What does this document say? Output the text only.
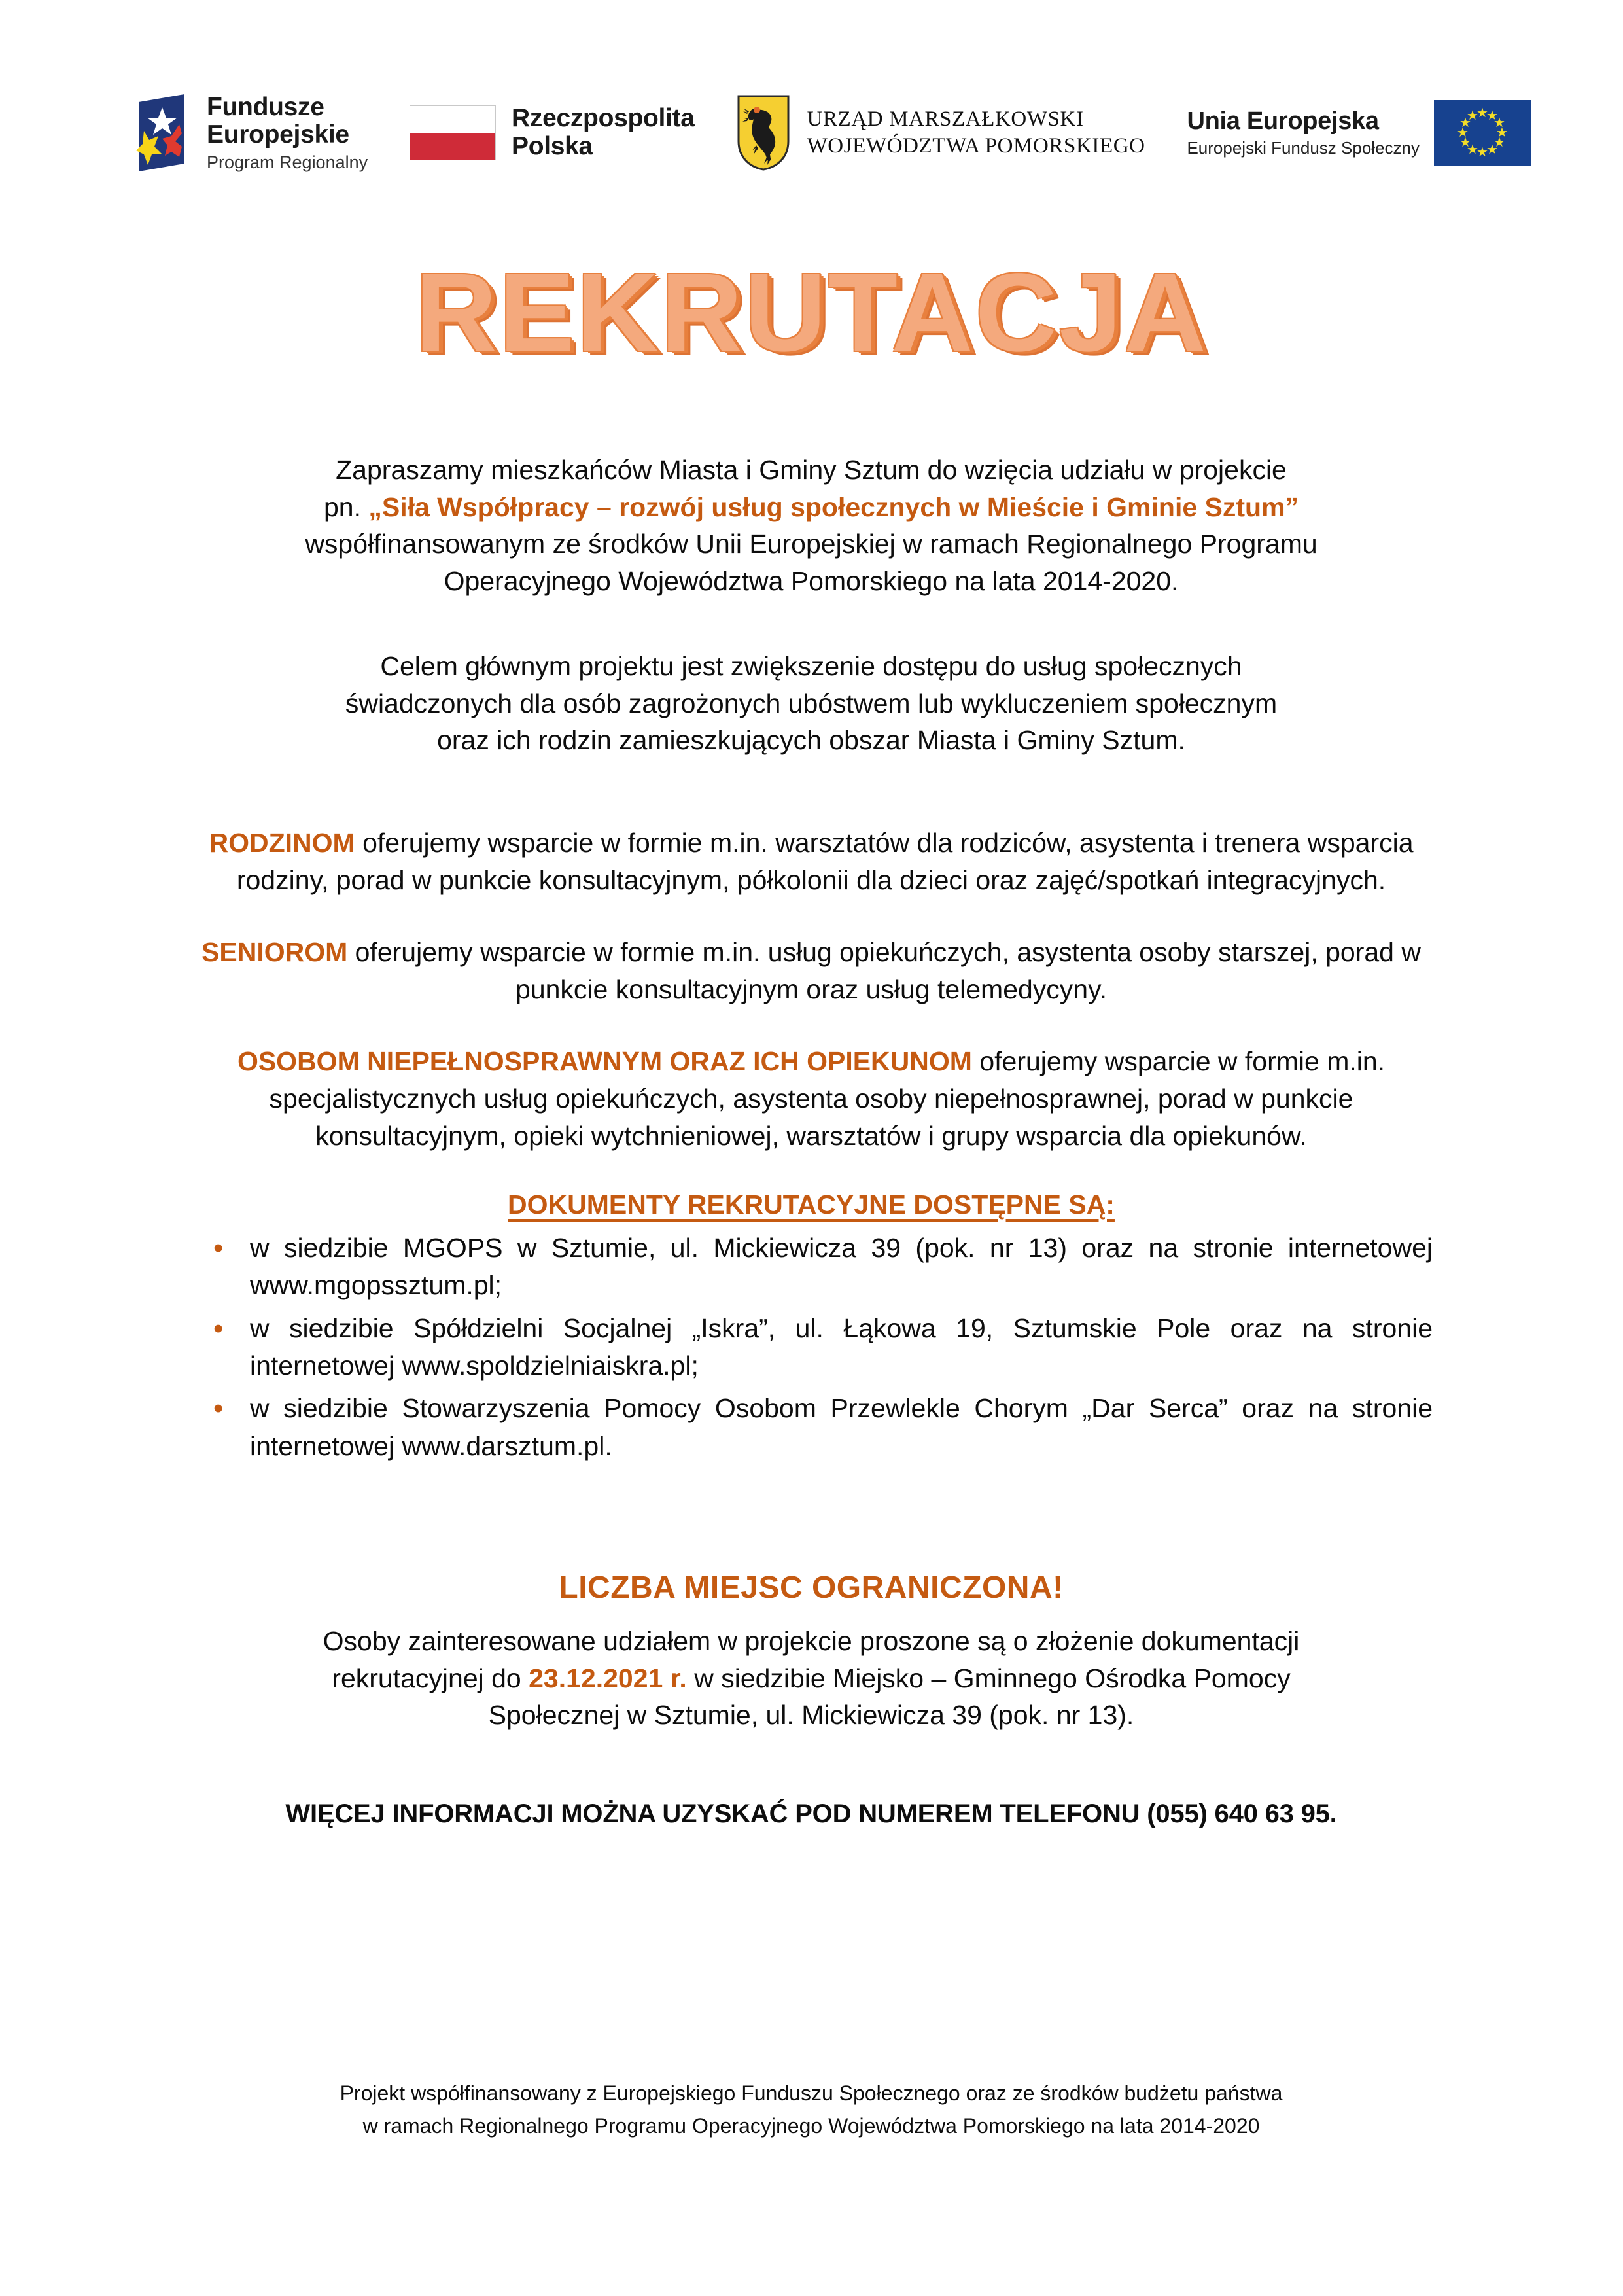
Fundusze
Europejskie
Program Regionalny
Rzeczpospolita
Polska
URZĄD MARSZAŁKOWSKI
WOJEWÓDZTWA POMORSKIEGO
Unia Europejska
Europejski Fundusz Społeczny
★
★
★
★
★
★
★
★
★
★
★
★
REKRUTACJA

Zapraszamy mieszkańców Miasta i Gminy Sztum do wzięcia udziału w projekcie

pn. „Siła Współpracy – rozwój usług społecznych w Mieście i Gminie Sztum”

współfinansowanym ze środków Unii Europejskiej w ramach Regionalnego Programu

Operacyjnego Województwa Pomorskiego na lata 2014-2020.

Celem głównym projektu jest zwiększenie dostępu do usług społecznych

świadczonych dla osób zagrożonych ubóstwem lub wykluczeniem społecznym

oraz ich rodzin zamieszkujących obszar Miasta i Gminy Sztum.

RODZINOM oferujemy wsparcie w formie m.in. warsztatów dla rodziców, asystenta i trenera wsparcia rodziny, porad w punkcie konsultacyjnym, półkolonii dla dzieci oraz zajęć/spotkań integracyjnych.

SENIOROM oferujemy wsparcie w formie m.in. usług opiekuńczych, asystenta osoby starszej, porad w punkcie konsultacyjnym oraz usług telemedycyny.

OSOBOM NIEPEŁNOSPRAWNYM ORAZ ICH OPIEKUNOM oferujemy wsparcie w formie m.in. specjalistycznych usług opiekuńczych, asystenta osoby niepełnosprawnej, porad w punkcie konsultacyjnym, opieki wytchnieniowej, warsztatów i grupy wsparcia dla opiekunów.

DOKUMENTY REKRUTACYJNE DOSTĘPNE SĄ:

• w siedzibie MGOPS w Sztumie, ul. Mickiewicza 39 (pok. nr 13) oraz na stronie internetowej www.mgopssztum.pl;
• w siedzibie Spółdzielni Socjalnej „Iskra”, ul. Łąkowa 19, Sztumskie Pole oraz na stronie internetowej www.spoldzielniaiskra.pl;
• w siedzibie Stowarzyszenia Pomocy Osobom Przewlekle Chorym „Dar Serca” oraz na stronie internetowej www.darsztum.pl.

LICZBA MIEJSC OGRANICZONA!

Osoby zainteresowane udziałem w projekcie proszone są o złożenie dokumentacji

rekrutacyjnej do 23.12.2021 r. w siedzibie Miejsko – Gminnego Ośrodka Pomocy

Społecznej w Sztumie, ul. Mickiewicza 39 (pok. nr 13).

WIĘCEJ INFORMACJI MOŻNA UZYSKAĆ POD NUMEREM TELEFONU (055) 640 63 95.

Projekt współfinansowany z Europejskiego Funduszu Społecznego oraz ze środków budżetu państwa
w ramach Regionalnego Programu Operacyjnego Województwa Pomorskiego na lata 2014-2020
